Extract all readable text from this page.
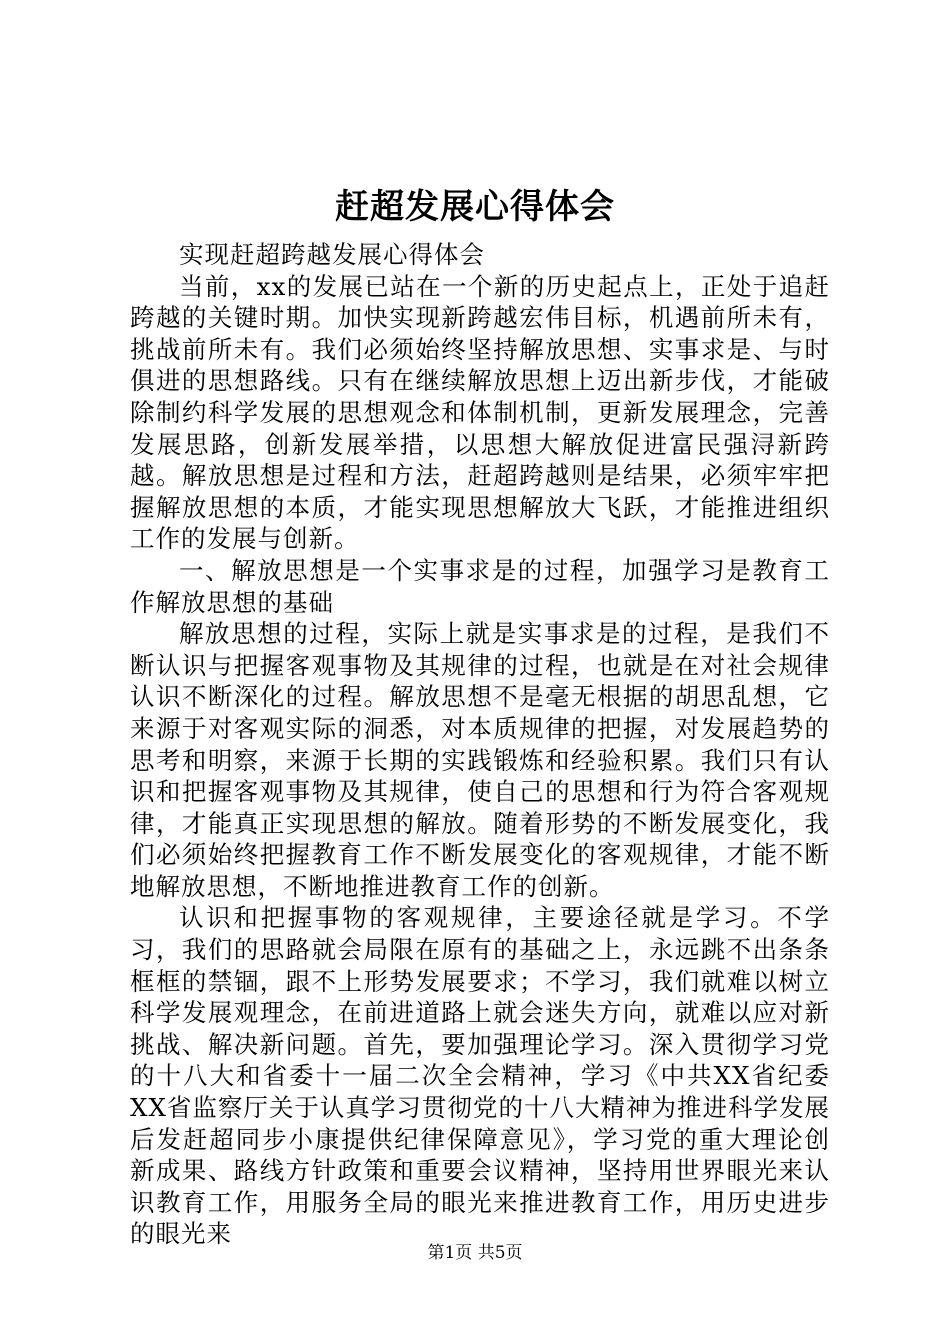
赶超发展心得体会

实现赶超跨越发展心得体会

当前，xx的发展已站在一个新的历史起点上，正处于追赶跨越的关键时期。加快实现新跨越宏伟目标，机遇前所未有，挑战前所未有。我们必须始终坚持解放思想、实事求是、与时俱进的思想路线。只有在继续解放思想上迈出新步伐，才能破除制约科学发展的思想观念和体制机制，更新发展理念，完善发展思路，创新发展举措，以思想大解放促进富民强浔新跨越。解放思想是过程和方法，赶超跨越则是结果，必须牢牢把握解放思想的本质，才能实现思想解放大飞跃，才能推进组织工作的发展与创新。

一、解放思想是一个实事求是的过程，加强学习是教育工作解放思想的基础

解放思想的过程，实际上就是实事求是的过程，是我们不断认识与把握客观事物及其规律的过程，也就是在对社会规律认识不断深化的过程。解放思想不是毫无根据的胡思乱想，它来源于对客观实际的洞悉，对本质规律的把握，对发展趋势的思考和明察，来源于长期的实践锻炼和经验积累。我们只有认识和把握客观事物及其规律，使自己的思想和行为符合客观规律，才能真正实现思想的解放。随着形势的不断发展变化，我们必须始终把握教育工作不断发展变化的客观规律，才能不断地解放思想，不断地推进教育工作的创新。

认识和把握事物的客观规律，主要途径就是学习。不学习，我们的思路就会局限在原有的基础之上，永远跳不出条条框框的禁锢，跟不上形势发展要求；不学习，我们就难以树立科学发展观理念，在前进道路上就会迷失方向，就难以应对新挑战、解决新问题。首先，要加强理论学习。深入贯彻学习党的十八大和省委十一届二次全会精神，学习《中共XX省纪委XX省监察厅关于认真学习贯彻党的十八大精神为推进科学发展后发赶超同步小康提供纪律保障意见》，学习党的重大理论创新成果、路线方针政策和重要会议精神，坚持用世界眼光来认识教育工作，用服务全局的眼光来推进教育工作，用历史进步的眼光来

第1页 共5页
